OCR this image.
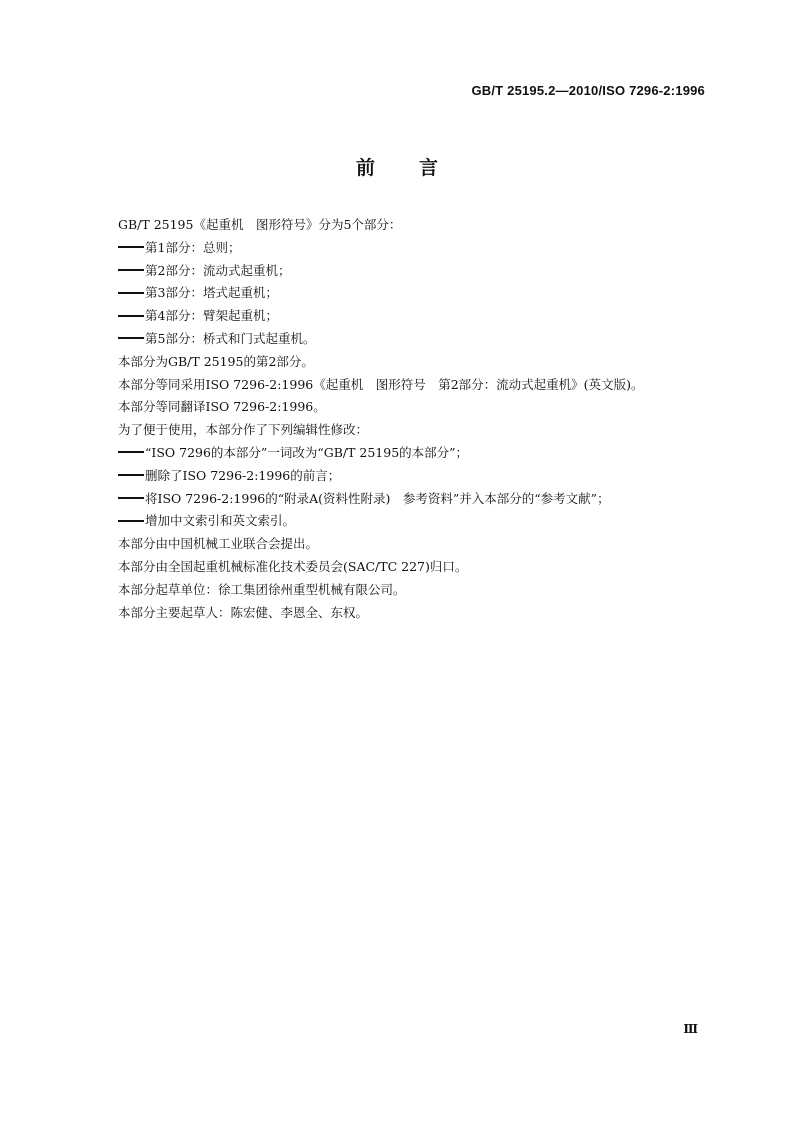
GB/T 25195.2—2010/ISO 7296-2:1996
前言
GB/T 25195《起重机　图形符号》分为5个部分：
第1部分：总则；
第2部分：流动式起重机；
第3部分：塔式起重机；
第4部分：臂架起重机；
第5部分：桥式和门式起重机。
本部分为GB/T 25195的第2部分。
本部分等同采用ISO 7296-2:1996《起重机　图形符号　第2部分：流动式起重机》(英文版)。
本部分等同翻译ISO 7296-2:1996。
为了便于使用，本部分作了下列编辑性修改：
“ISO 7296的本部分”一词改为“GB/T 25195的本部分”；
删除了ISO 7296-2:1996的前言；
将ISO 7296-2:1996的“附录A(资料性附录)　参考资料”并入本部分的“参考文献”；
增加中文索引和英文索引。
本部分由中国机械工业联合会提出。
本部分由全国起重机械标准化技术委员会(SAC/TC 227)归口。
本部分起草单位：徐工集团徐州重型机械有限公司。
本部分主要起草人：陈宏健、李恩全、东权。
Ⅲ
